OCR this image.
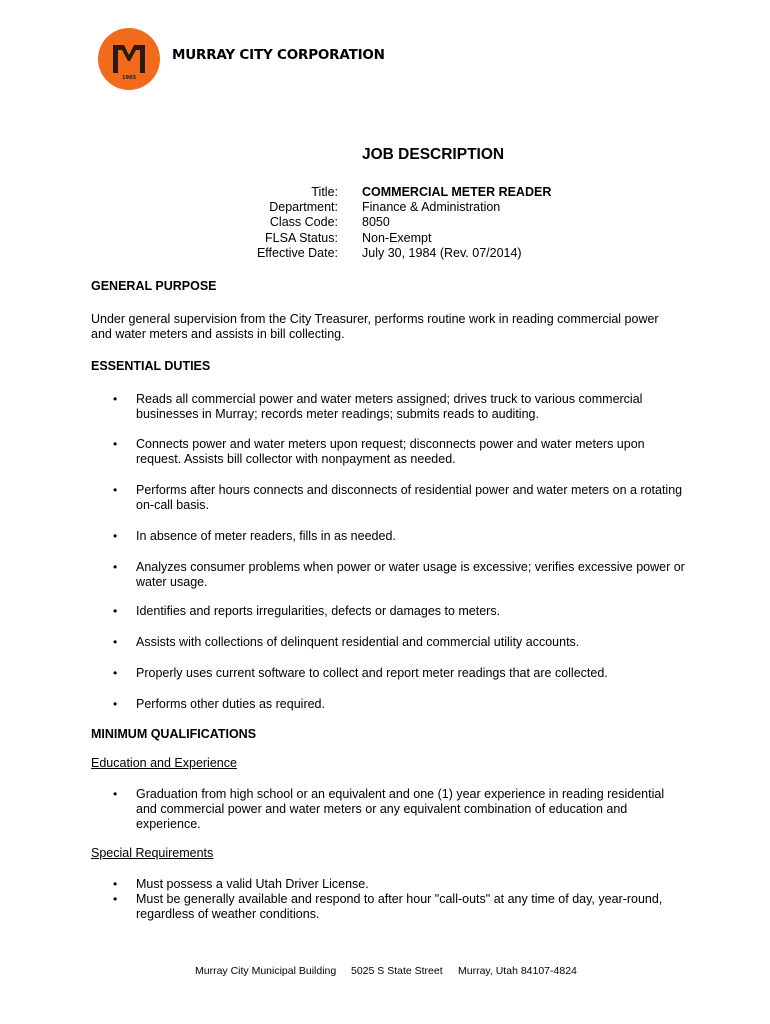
1903
MURRAY CITY CORPORATION
JOB DESCRIPTION
Title:
Department:
Class Code:
FLSA Status:
Effective Date:
COMMERCIAL METER READER
Finance & Administration
8050
Non-Exempt
July 30, 1984 (Rev. 07/2014)
GENERAL PURPOSE
Under general supervision from the City Treasurer, performs routine work in reading commercial power and water meters and assists in bill collecting.
ESSENTIAL DUTIES
• Reads all commercial power and water meters assigned; drives truck to various commercial businesses in Murray; records meter readings; submits reads to auditing.
• Connects power and water meters upon request; disconnects power and water meters upon request. Assists bill collector with nonpayment as needed.
• Performs after hours connects and disconnects of residential power and water meters on a rotating on-call basis.
• In absence of meter readers, fills in as needed.
• Analyzes consumer problems when power or water usage is excessive; verifies excessive power or water usage.
• Identifies and reports irregularities, defects or damages to meters.
• Assists with collections of delinquent residential and commercial utility accounts.
• Properly uses current software to collect and report meter readings that are collected.
• Performs other duties as required.
MINIMUM QUALIFICATIONS
Education and Experience
• Graduation from high school or an equivalent and one (1) year experience in reading residential and commercial power and water meters or any equivalent combination of education and experience.
Special Requirements
• Must possess a valid Utah Driver License.
• Must be generally available and respond to after hour "call-outs" at any time of day, year-round, regardless of weather conditions.
Murray City Municipal Building 5025 S State Street Murray, Utah 84107-4824
